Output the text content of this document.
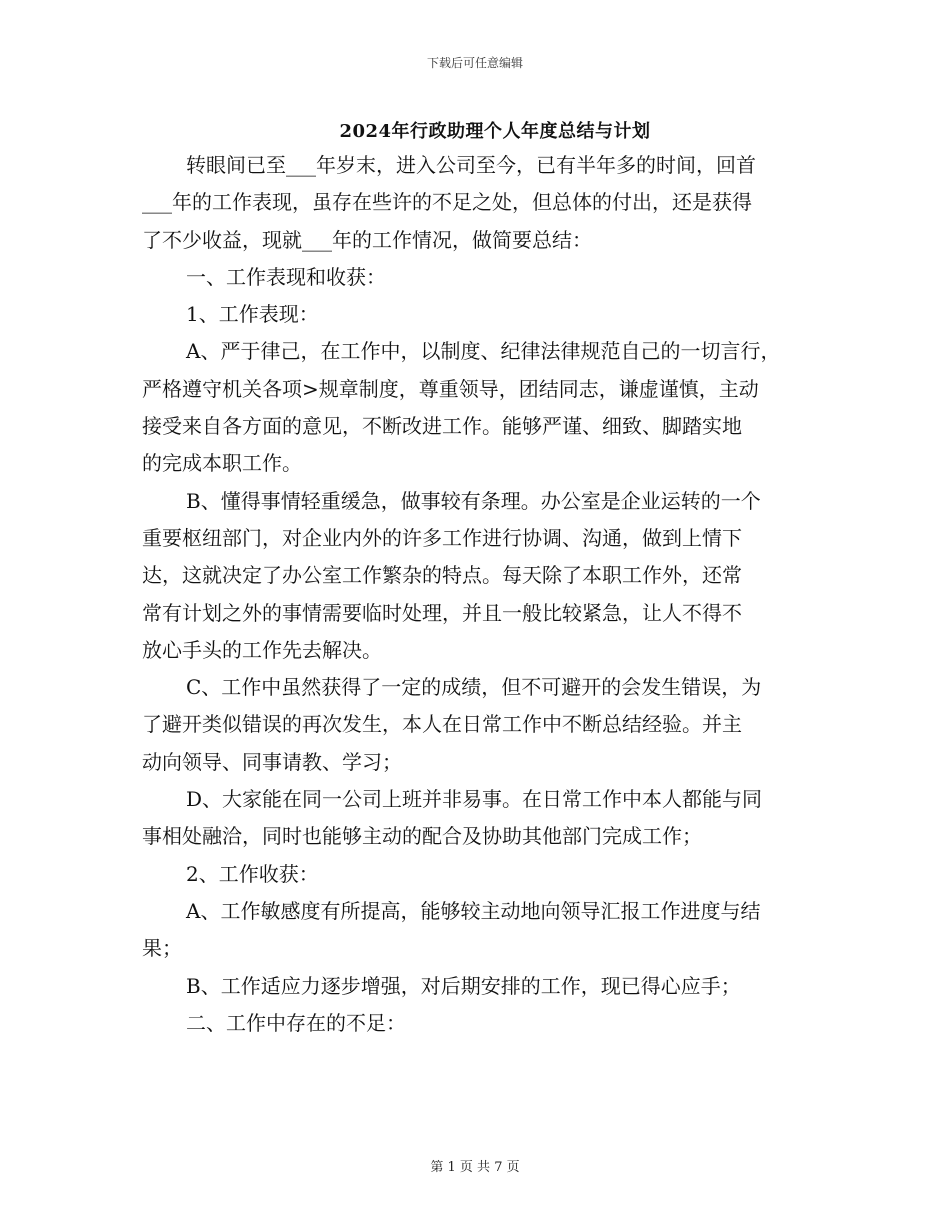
下载后可任意编辑
2024年行政助理个人年度总结与计划
转眼间已至___年岁末，进入公司至今，已有半年多的时间，回首
___年的工作表现，虽存在些许的不足之处，但总体的付出，还是获得
了不少收益，现就___年的工作情况，做简要总结：
一、工作表现和收获：
1、工作表现：
A、严于律己，在工作中，以制度、纪律法律规范自己的一切言行，
严格遵守机关各项>规章制度，尊重领导，团结同志，谦虚谨慎，主动
接受来自各方面的意见，不断改进工作。能够严谨、细致、脚踏实地
的完成本职工作。
B、懂得事情轻重缓急，做事较有条理。办公室是企业运转的一个
重要枢纽部门，对企业内外的许多工作进行协调、沟通，做到上情下
达，这就决定了办公室工作繁杂的特点。每天除了本职工作外，还常
常有计划之外的事情需要临时处理，并且一般比较紧急，让人不得不
放心手头的工作先去解决。
C、工作中虽然获得了一定的成绩，但不可避开的会发生错误，为
了避开类似错误的再次发生，本人在日常工作中不断总结经验。并主
动向领导、同事请教、学习；
D、大家能在同一公司上班并非易事。在日常工作中本人都能与同
事相处融洽，同时也能够主动的配合及协助其他部门完成工作；
2、工作收获：
A、工作敏感度有所提高，能够较主动地向领导汇报工作进度与结
果；
B、工作适应力逐步增强，对后期安排的工作，现已得心应手；
二、工作中存在的不足：
第 1 页 共 7 页
